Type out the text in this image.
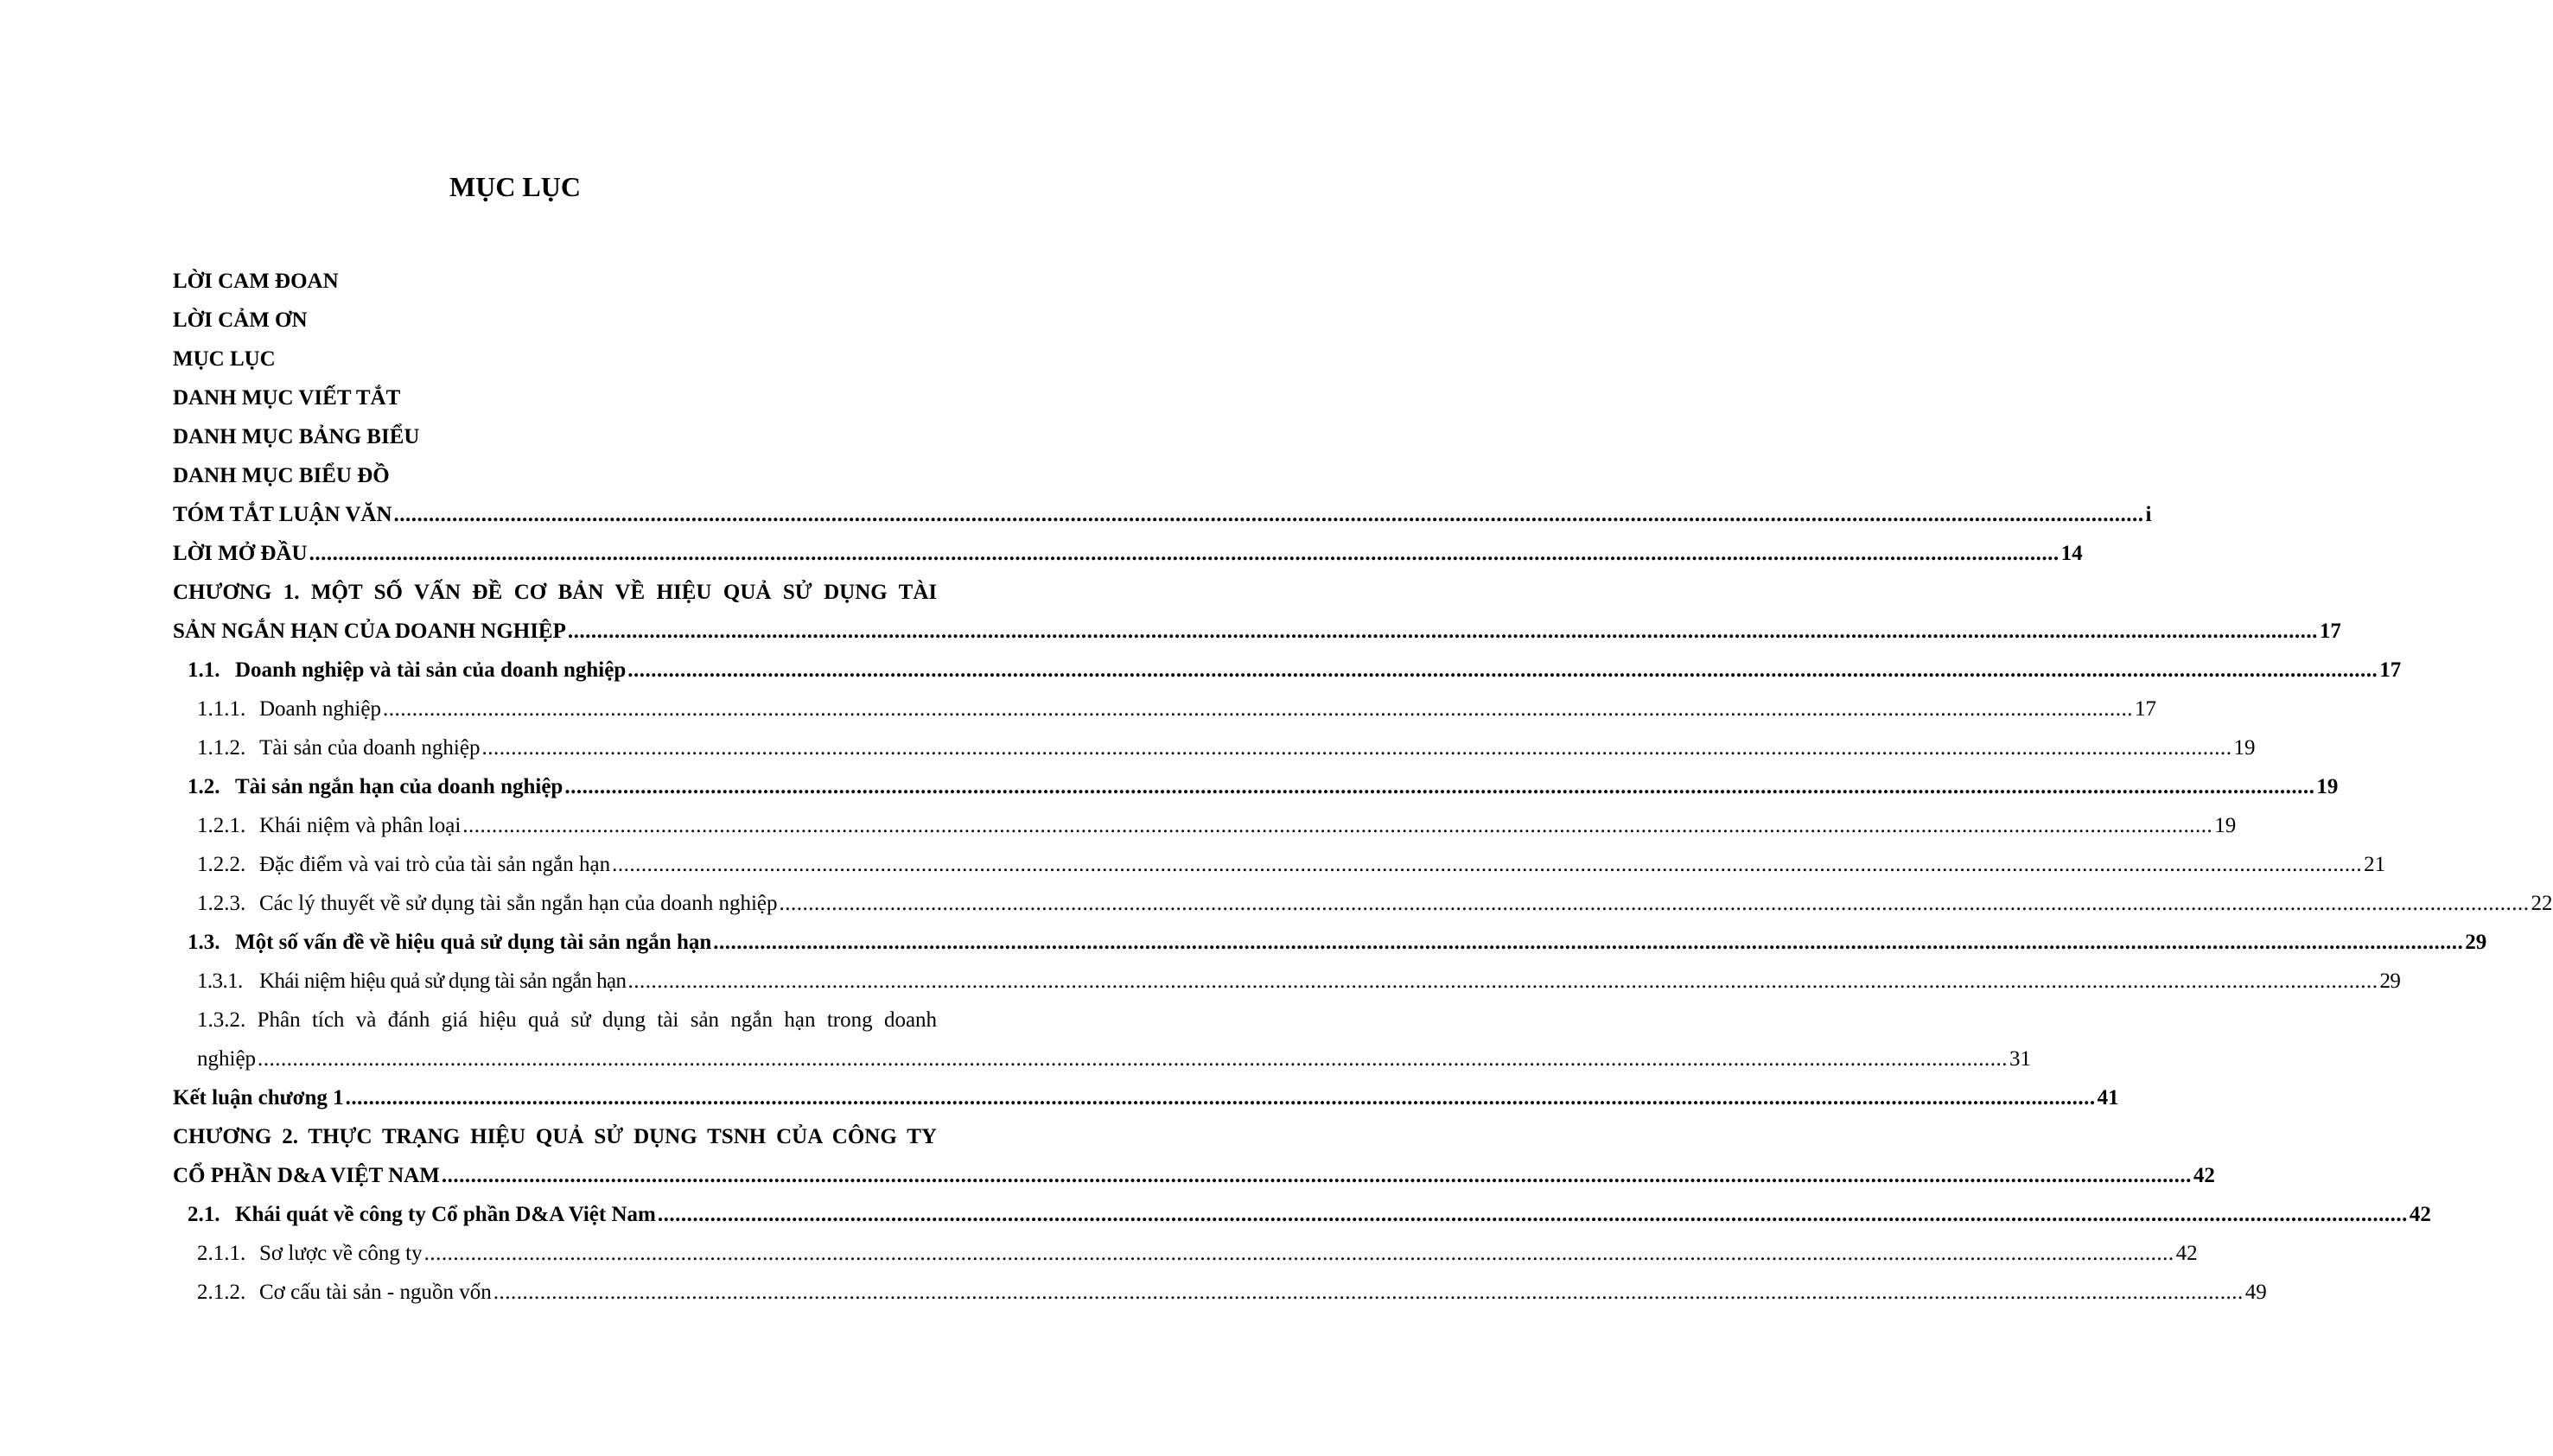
MỤC LỤC
LỜI CAM ĐOAN
LỜI CẢM ƠN
MỤC LỤC
DANH MỤC VIẾT TẮT
DANH MỤC BẢNG BIỂU
DANH MỤC BIỂU ĐỒ
TÓM TẮT LUẬN VĂN ............................................................................................................................................................................................................................................................................................................ i
LỜI MỞ ĐẦU ............................................................................................................................................................................................................................................................................................................ 14
CHƯƠNG 1. MỘT SỐ VẤN ĐỀ CƠ BẢN VỀ HIỆU QUẢ SỬ DỤNG TÀI
SẢN NGẮN HẠN CỦA DOANH NGHIỆP ............................................................................................................................................................................................................................................................................................................ 17
1.1. Doanh nghiệp và tài sản của doanh nghiệp ............................................................................................................................................................................................................................................................................................................ 17
1.1.1. Doanh nghiệp ............................................................................................................................................................................................................................................................................................................ 17
1.1.2. Tài sản của doanh nghiệp ............................................................................................................................................................................................................................................................................................................ 19
1.2. Tài sản ngắn hạn của doanh nghiệp ............................................................................................................................................................................................................................................................................................................ 19
1.2.1. Khái niệm và phân loại ............................................................................................................................................................................................................................................................................................................ 19
1.2.2. Đặc điểm và vai trò của tài sản ngắn hạn ............................................................................................................................................................................................................................................................................................................ 21
1.2.3. Các lý thuyết về sử dụng tài sẳn ngắn hạn của doanh nghiệp ............................................................................................................................................................................................................................................................................................................ 22
1.3. Một số vấn đề về hiệu quả sử dụng tài sản ngắn hạn ............................................................................................................................................................................................................................................................................................................ 29
1.3.1. Khái niệm hiệu quả sử dụng tài sản ngắn hạn ............................................................................................................................................................................................................................................................................................................ 29
1.3.2. Phân tích và đánh giá hiệu quả sử dụng tài sản ngắn hạn trong doanh
nghiệp ............................................................................................................................................................................................................................................................................................................ 31
Kết luận chương 1 ............................................................................................................................................................................................................................................................................................................ 41
CHƯƠNG 2. THỰC TRẠNG HIỆU QUẢ SỬ DỤNG TSNH CỦA CÔNG TY
CỔ PHẦN D&A VIỆT NAM ............................................................................................................................................................................................................................................................................................................ 42
2.1. Khái quát về công ty Cổ phần D&A Việt Nam ............................................................................................................................................................................................................................................................................................................ 42
2.1.1. Sơ lược về công ty ............................................................................................................................................................................................................................................................................................................ 42
2.1.2. Cơ cấu tài sản - nguồn vốn ............................................................................................................................................................................................................................................................................................................ 49
